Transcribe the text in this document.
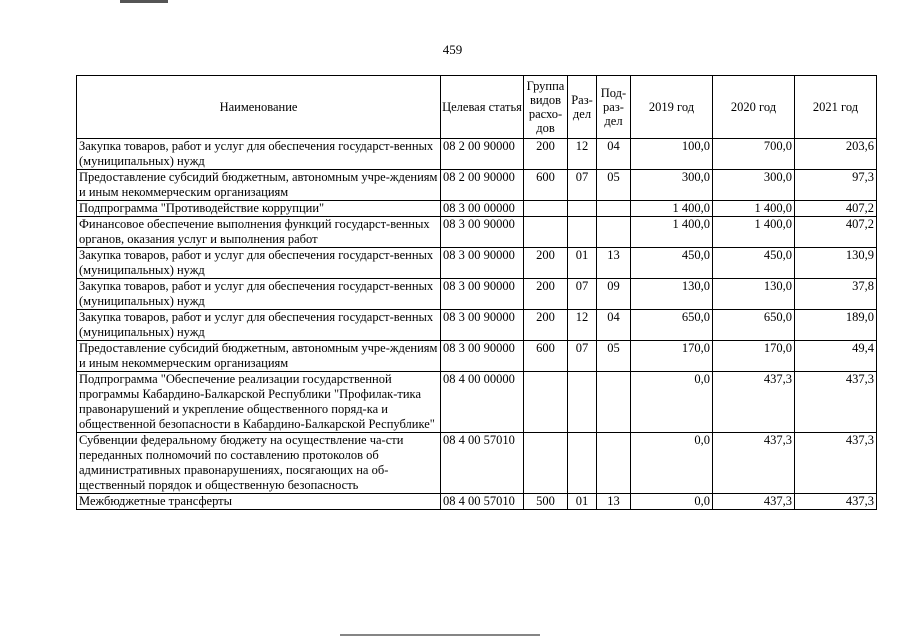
459
Наименование	Целевая статья	Группа видов расхо-дов	Раз-дел	Под-раз-дел	2019 год	2020 год	2021 год
Закупка товаров, работ и услуг для обеспечения государст-венных (муниципальных) нужд	08 2 00 90000	200	12	04	100,0	700,0	203,6
Предоставление субсидий бюджетным, автономным учре-ждениям и иным некоммерческим организациям	08 2 00 90000	600	07	05	300,0	300,0	97,3
Подпрограмма "Противодействие коррупции"	08 3 00 00000				1 400,0	1 400,0	407,2
Финансовое обеспечение выполнения функций государст-венных органов, оказания услуг и выполнения работ	08 3 00 90000				1 400,0	1 400,0	407,2
Закупка товаров, работ и услуг для обеспечения государст-венных (муниципальных) нужд	08 3 00 90000	200	01	13	450,0	450,0	130,9
Закупка товаров, работ и услуг для обеспечения государст-венных (муниципальных) нужд	08 3 00 90000	200	07	09	130,0	130,0	37,8
Закупка товаров, работ и услуг для обеспечения государст-венных (муниципальных) нужд	08 3 00 90000	200	12	04	650,0	650,0	189,0
Предоставление субсидий бюджетным, автономным учре-ждениям и иным некоммерческим организациям	08 3 00 90000	600	07	05	170,0	170,0	49,4
Подпрограмма "Обеспечение реализации государственной программы Кабардино-Балкарской Республики "Профилак-тика правонарушений и укрепление общественного поряд-ка и общественной безопасности в Кабардино-Балкарской Республике"	08 4 00 00000				0,0	437,3	437,3
Субвенции федеральному бюджету на осуществление ча-сти переданных полномочий по составлению протоколов об административных правонарушениях, посягающих на об-щественный порядок и общественную безопасность	08 4 00 57010				0,0	437,3	437,3
Межбюджетные трансферты	08 4 00 57010	500	01	13	0,0	437,3	437,3
